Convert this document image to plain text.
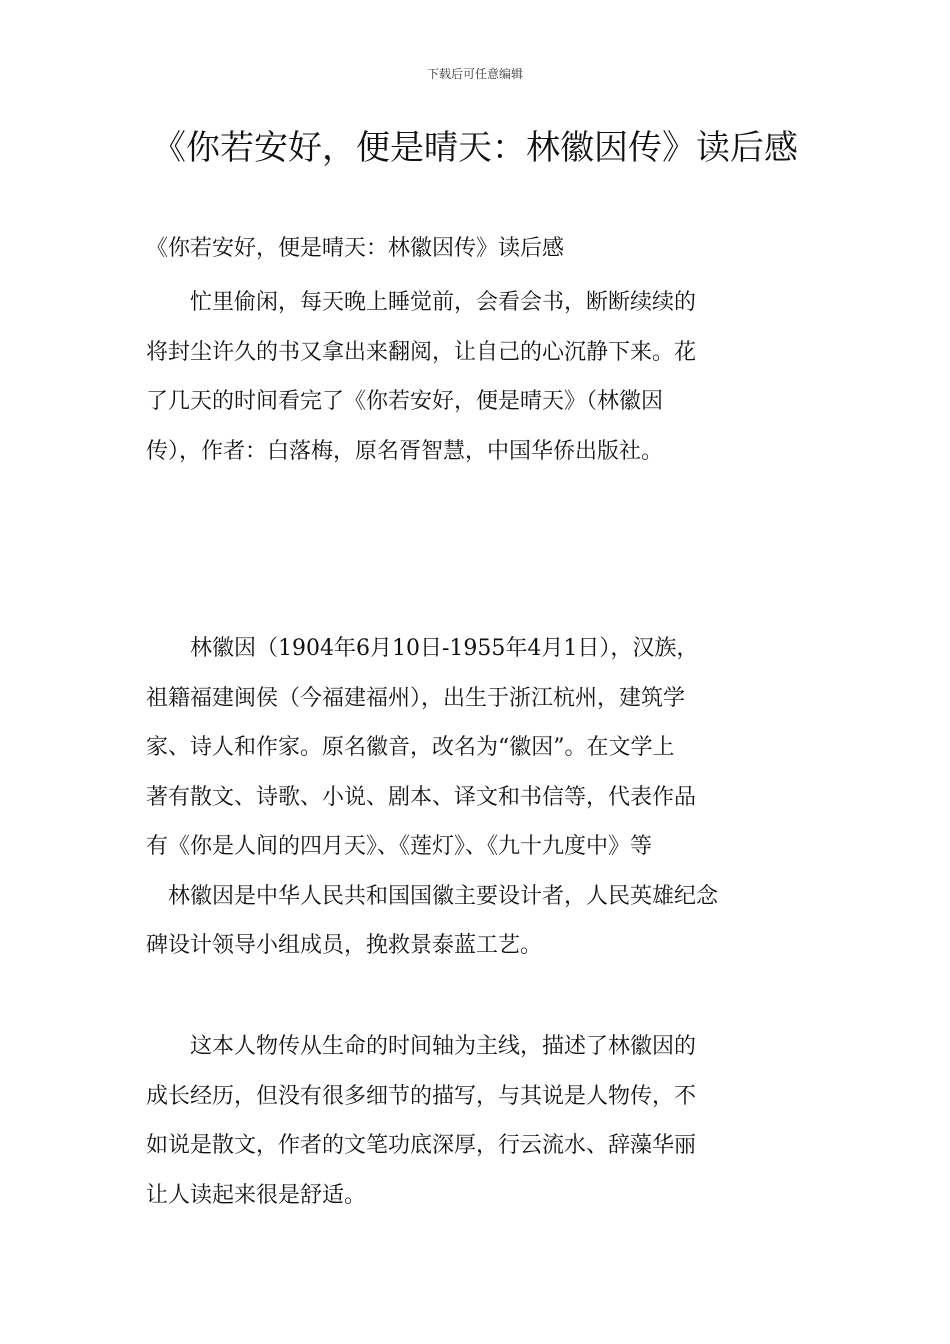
下载后可任意编辑
《你若安好，便是晴天：林徽因传》读后感

《你若安好，便是晴天：林徽因传》读后感

　　忙里偷闲，每天晚上睡觉前，会看会书，断断续续的
将封尘许久的书又拿出来翻阅，让自己的心沉静下来。花
了几天的时间看完了《你若安好，便是晴天》（林徽因
传），作者：白落梅，原名胥智慧，中国华侨出版社。

　　林徽因（1904年6月10日-1955年4月1日），汉族，
祖籍福建闽侯（今福建福州），出生于浙江杭州，建筑学
家、诗人和作家。原名徽音，改名为“徽因”。在文学上
著有散文、诗歌、小说、剧本、译文和书信等，代表作品
有《你是人间的四月天》、《莲灯》、《九十九度中》等
　林徽因是中华人民共和国国徽主要设计者，人民英雄纪念
碑设计领导小组成员，挽救景泰蓝工艺。

　　这本人物传从生命的时间轴为主线，描述了林徽因的
成长经历，但没有很多细节的描写，与其说是人物传，不
如说是散文，作者的文笔功底深厚，行云流水、辞藻华丽
让人读起来很是舒适。
